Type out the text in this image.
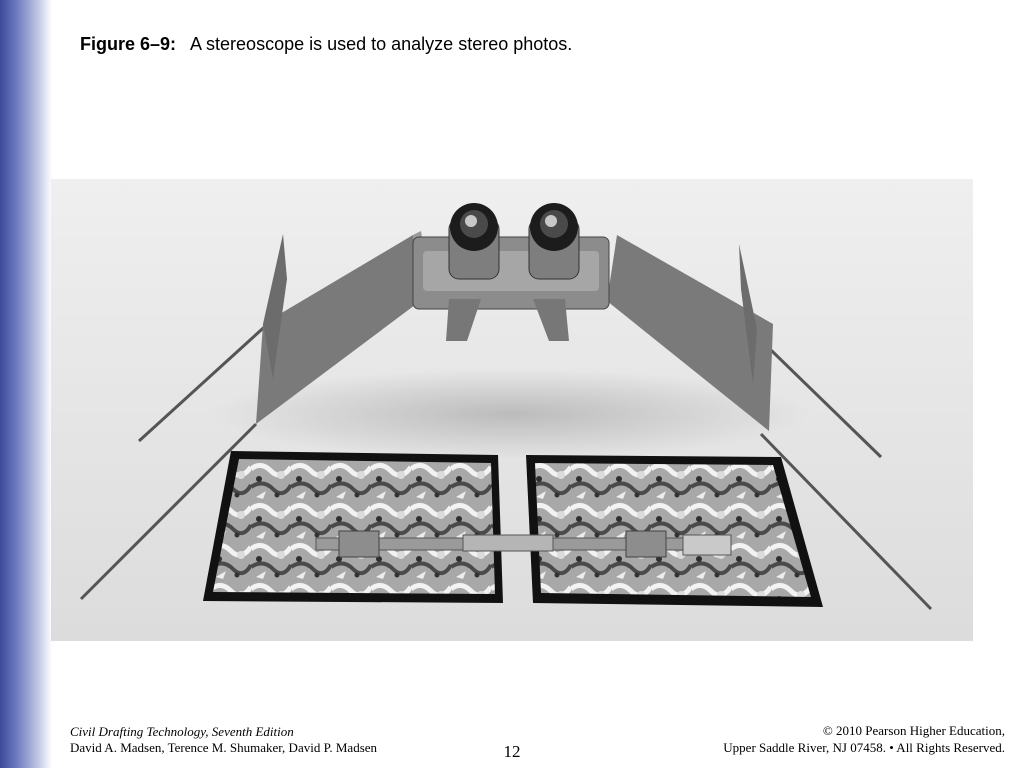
Figure 6–9: A stereoscope is used to analyze stereo photos.
Civil Drafting Technology, Seventh Edition
David A. Madsen, Terence M. Shumaker, David P. Madsen	12
© 2010 Pearson Higher Education,
Upper Saddle River, NJ 07458. • All Rights Reserved.
